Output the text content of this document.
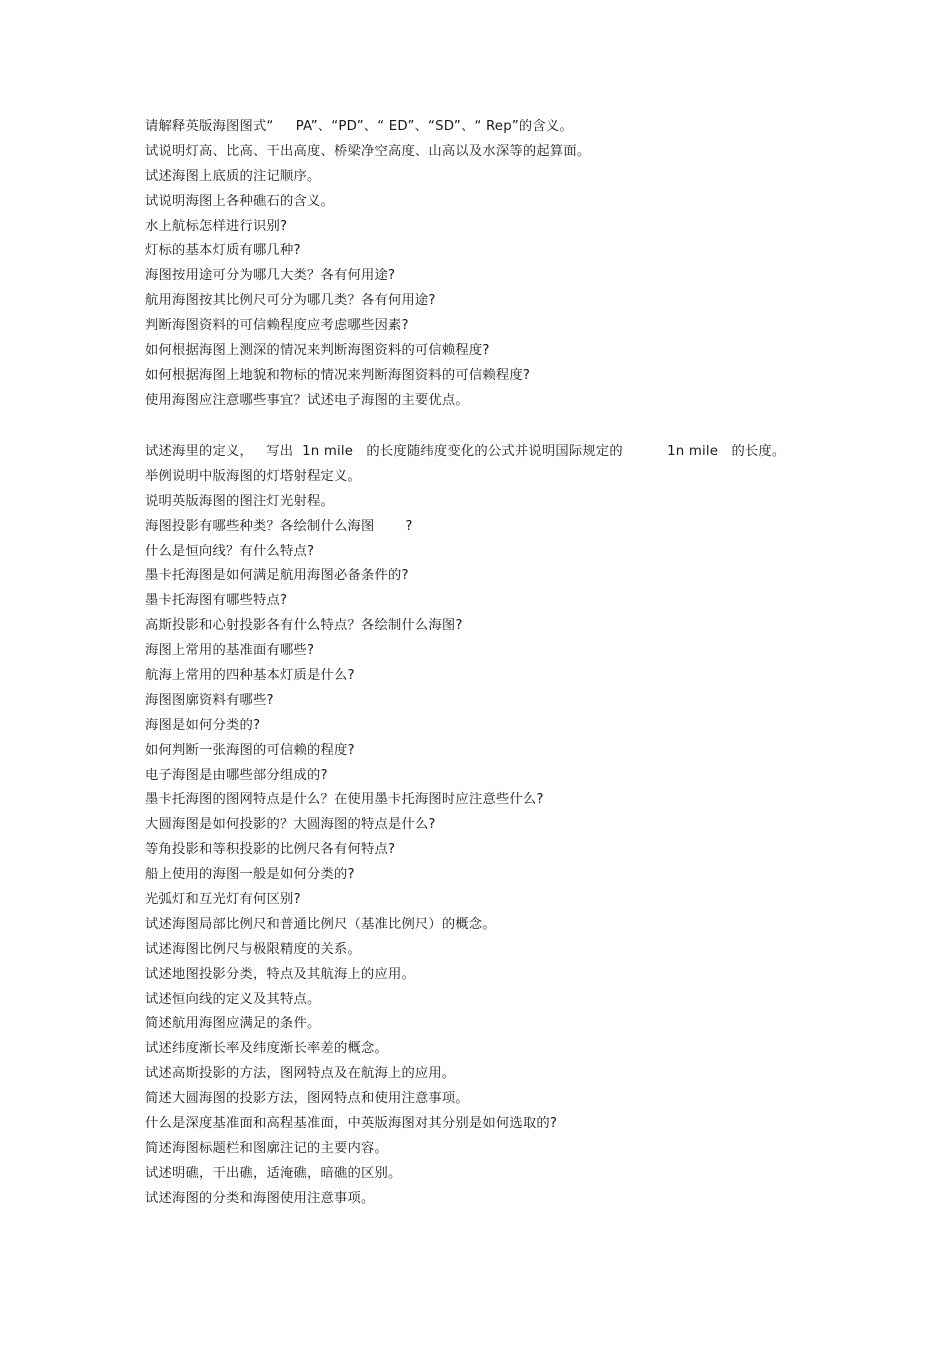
请解释英版海图图式“     PA”、“PD”、“ ED”、“SD”、“ Rep”的含义。
试说明灯高、比高、干出高度、桥梁净空高度、山高以及水深等的起算面。
试述海图上底质的注记顺序。
试说明海图上各种礁石的含义。
水上航标怎样进行识别?
灯标的基本灯质有哪几种?
海图按用途可分为哪几大类？各有何用途?
航用海图按其比例尺可分为哪几类？各有何用途?
判断海图资料的可信赖程度应考虑哪些因素?
如何根据海图上测深的情况来判断海图资料的可信赖程度?
如何根据海图上地貌和物标的情况来判断海图资料的可信赖程度?
使用海图应注意哪些事宜？试述电子海图的主要优点。
试述海里的定义，   写出  1n mile   的长度随纬度变化的公式并说明国际规定的          1n mile   的长度。
举例说明中版海图的灯塔射程定义。
说明英版海图的图注灯光射程。
海图投影有哪些种类？各绘制什么海图       ?
什么是恒向线？有什么特点?
墨卡托海图是如何满足航用海图必备条件的?
墨卡托海图有哪些特点?
高斯投影和心射投影各有什么特点？各绘制什么海图?
海图上常用的基准面有哪些?
航海上常用的四种基本灯质是什么?
海图图廓资料有哪些?
海图是如何分类的?
如何判断一张海图的可信赖的程度?
电子海图是由哪些部分组成的?
墨卡托海图的图网特点是什么？在使用墨卡托海图时应注意些什么?
大圆海图是如何投影的？大圆海图的特点是什么?
等角投影和等积投影的比例尺各有何特点?
船上使用的海图一般是如何分类的?
光弧灯和互光灯有何区别?
试述海图局部比例尺和普通比例尺（基准比例尺）的概念。
试述海图比例尺与极限精度的关系。
试述地图投影分类，特点及其航海上的应用。
试述恒向线的定义及其特点。
简述航用海图应满足的条件。
试述纬度渐长率及纬度渐长率差的概念。
试述高斯投影的方法，图网特点及在航海上的应用。
简述大圆海图的投影方法，图网特点和使用注意事项。
什么是深度基准面和高程基准面，中英版海图对其分别是如何选取的?
简述海图标题栏和图廓注记的主要内容。
试述明礁，干出礁，适淹礁，暗礁的区别。
试述海图的分类和海图使用注意事项。
